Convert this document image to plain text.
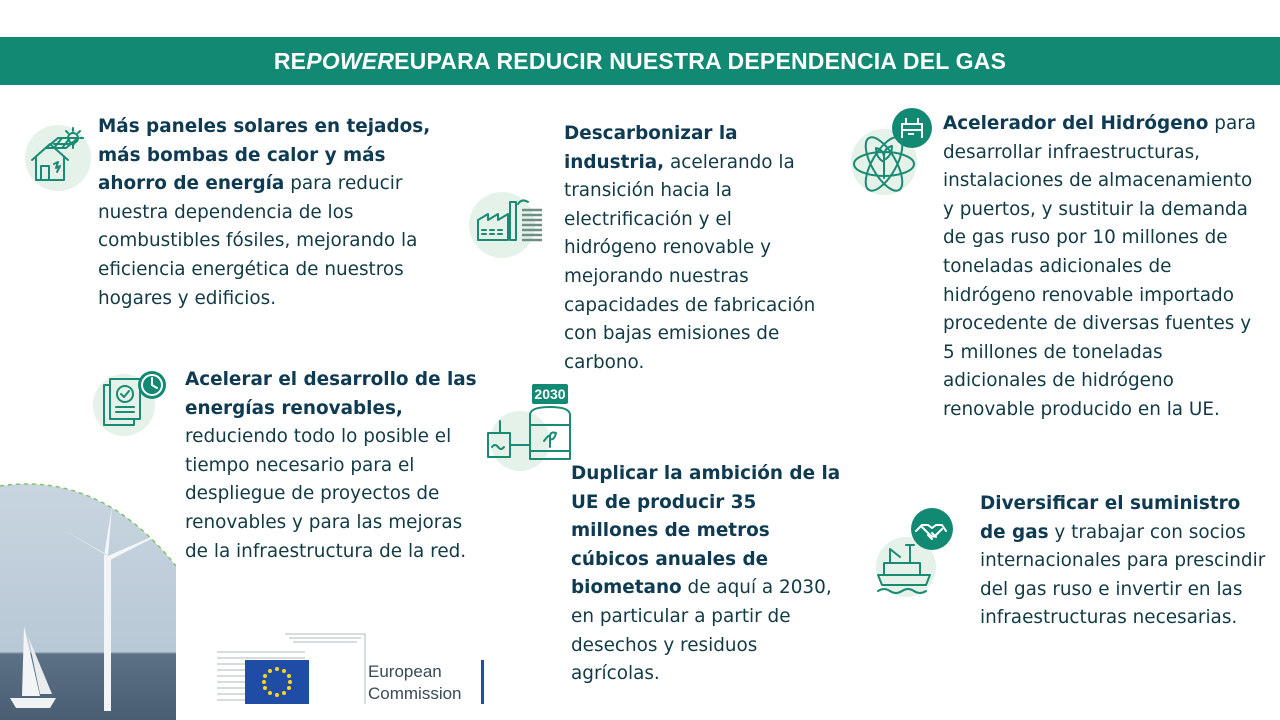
RE POWER EU PARA REDUCIR NUESTRA DEPENDENCIA DEL GAS
Más paneles solares en tejados, más bombas de calor y más ahorro de energía para reducir nuestra dependencia de los combustibles fósiles, mejorando la eficiencia energética de nuestros hogares y edificios.
Acelerar el desarrollo de las energías renovables, reduciendo todo lo posible el tiempo necesario para el despliegue de proyectos de renovables y para las mejoras de la infraestructura de la red.
Descarbonizar la industria, acelerando la transición hacia la electrificación y el hidrógeno renovable y mejorando nuestras capacidades de fabricación con bajas emisiones de carbono.
2030
Duplicar la ambición de la UE de producir 35 millones de metros cúbicos anuales de biometano de aquí a 2030, en particular a partir de desechos y residuos agrícolas.
Acelerador del Hidrógeno para desarrollar infraestructuras, instalaciones de almacenamiento y puertos, y sustituir la demanda de gas ruso por 10 millones de toneladas adicionales de hidrógeno renovable importado procedente de diversas fuentes y 5 millones de toneladas adicionales de hidrógeno renovable producido en la UE.
Diversificar el suministro de gas y trabajar con socios internacionales para prescindir del gas ruso e invertir en las infraestructuras necesarias.
European
Commission
